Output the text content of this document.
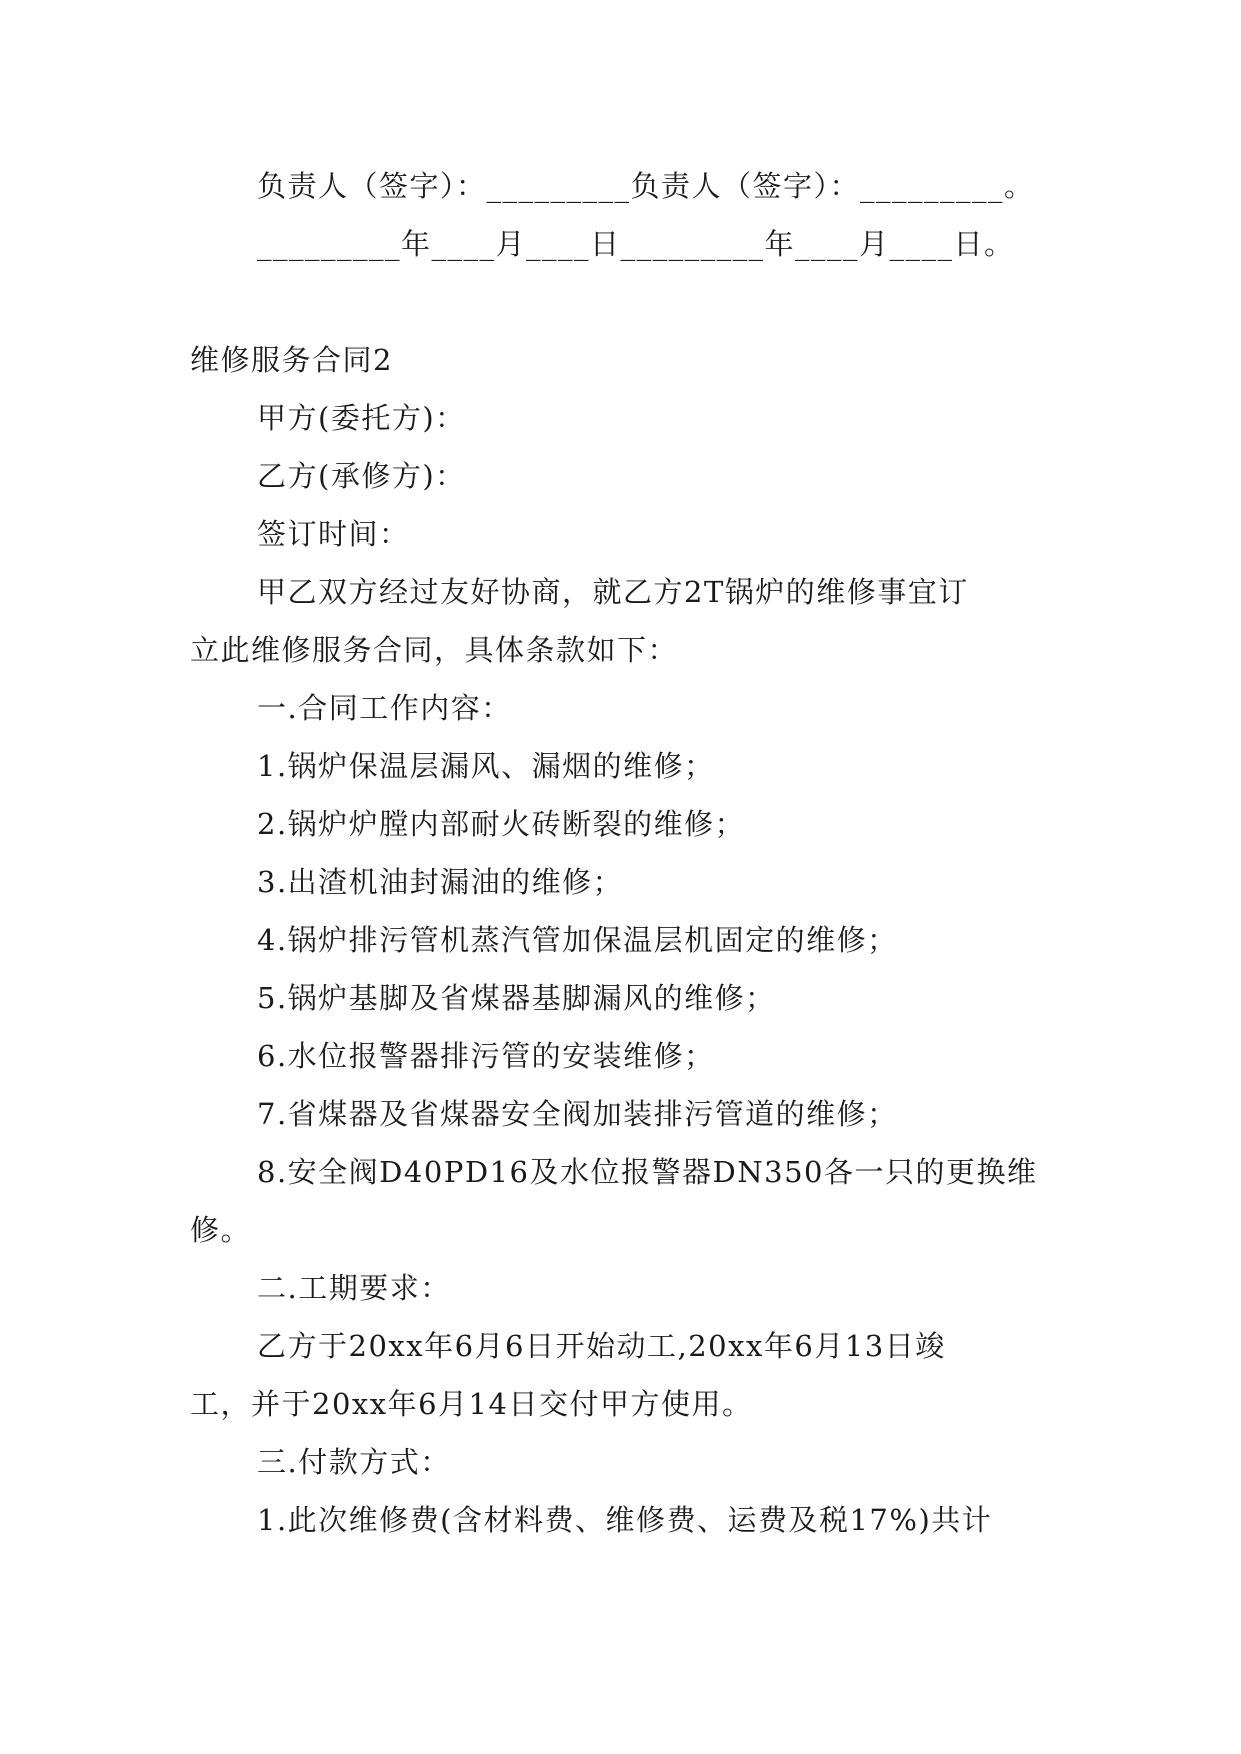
负责人（签字）：_________负责人（签字）：_________。
_________年____月____日_________年____月____日。
维修服务合同2
甲方(委托方)：
乙方(承修方)：
签订时间：
甲乙双方经过友好协商，就乙方2T锅炉的维修事宜订
立此维修服务合同，具体条款如下：
一.合同工作内容：
1.锅炉保温层漏风、漏烟的维修；
2.锅炉炉膛内部耐火砖断裂的维修；
3.出渣机油封漏油的维修；
4.锅炉排污管机蒸汽管加保温层机固定的维修；
5.锅炉基脚及省煤器基脚漏风的维修；
6.水位报警器排污管的安装维修；
7.省煤器及省煤器安全阀加装排污管道的维修；
8.安全阀D40PD16及水位报警器DN350各一只的更换维
修。
二.工期要求：
乙方于20xx年6月6日开始动工,20xx年6月13日竣
工，并于20xx年6月14日交付甲方使用。
三.付款方式：
1.此次维修费(含材料费、维修费、运费及税17%)共计
